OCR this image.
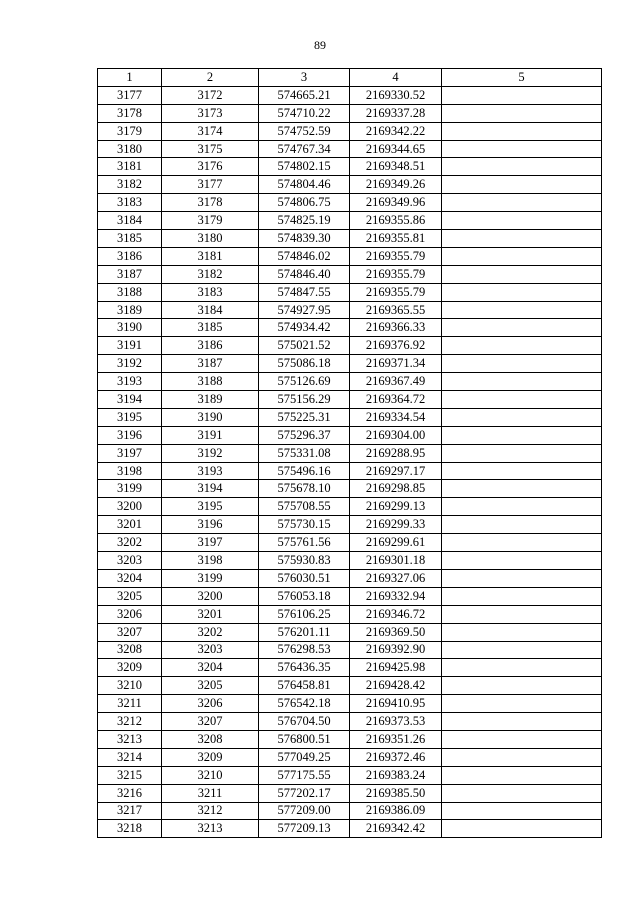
89
1	2	3	4	5
3177	3172	574665.21	2169330.52	
3178	3173	574710.22	2169337.28	
3179	3174	574752.59	2169342.22	
3180	3175	574767.34	2169344.65	
3181	3176	574802.15	2169348.51	
3182	3177	574804.46	2169349.26	
3183	3178	574806.75	2169349.96	
3184	3179	574825.19	2169355.86	
3185	3180	574839.30	2169355.81	
3186	3181	574846.02	2169355.79	
3187	3182	574846.40	2169355.79	
3188	3183	574847.55	2169355.79	
3189	3184	574927.95	2169365.55	
3190	3185	574934.42	2169366.33	
3191	3186	575021.52	2169376.92	
3192	3187	575086.18	2169371.34	
3193	3188	575126.69	2169367.49	
3194	3189	575156.29	2169364.72	
3195	3190	575225.31	2169334.54	
3196	3191	575296.37	2169304.00	
3197	3192	575331.08	2169288.95	
3198	3193	575496.16	2169297.17	
3199	3194	575678.10	2169298.85	
3200	3195	575708.55	2169299.13	
3201	3196	575730.15	2169299.33	
3202	3197	575761.56	2169299.61	
3203	3198	575930.83	2169301.18	
3204	3199	576030.51	2169327.06	
3205	3200	576053.18	2169332.94	
3206	3201	576106.25	2169346.72	
3207	3202	576201.11	2169369.50	
3208	3203	576298.53	2169392.90	
3209	3204	576436.35	2169425.98	
3210	3205	576458.81	2169428.42	
3211	3206	576542.18	2169410.95	
3212	3207	576704.50	2169373.53	
3213	3208	576800.51	2169351.26	
3214	3209	577049.25	2169372.46	
3215	3210	577175.55	2169383.24	
3216	3211	577202.17	2169385.50	
3217	3212	577209.00	2169386.09	
3218	3213	577209.13	2169342.42	
